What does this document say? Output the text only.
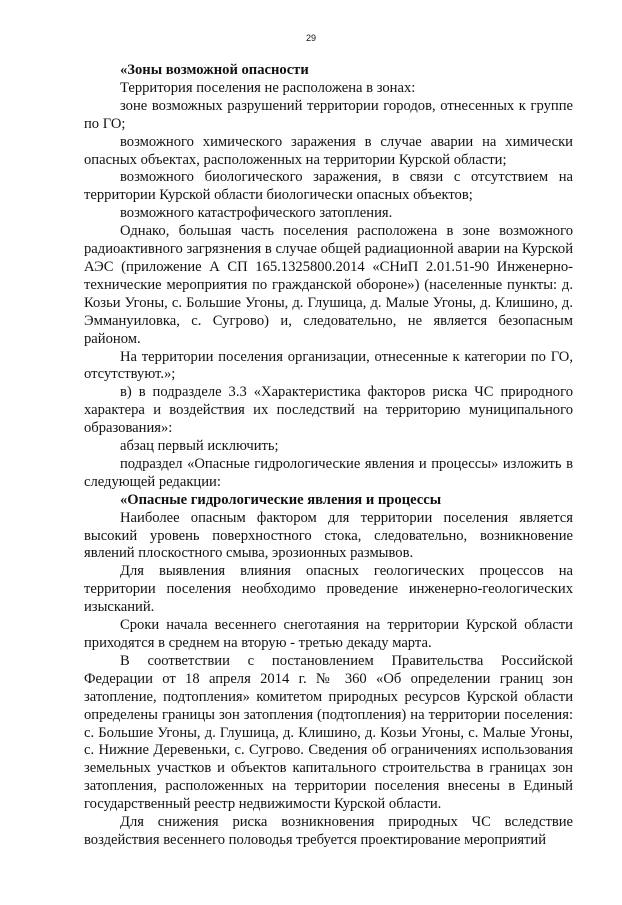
29

«Зоны возможной опасности

Территория поселения не расположена в зонах:

зоне возможных разрушений территории городов, отнесенных к группе по ГО;

возможного химического заражения в случае аварии на химически опасных объектах, расположенных на территории Курской области;

возможного биологического заражения, в связи с отсутствием на территории Курской области биологически опасных объектов;

возможного катастрофического затопления.

Однако, большая часть поселения расположена в зоне возможного радиоактивного загрязнения в случае общей радиационной аварии на Курской АЭС (приложение А СП 165.1325800.2014 «СНиП 2.01.51-90 Инженерно-технические мероприятия по гражданской обороне») (населенные пункты: д. Козьи Угоны, с. Большие Угоны, д. Глушица, д. Малые Угоны, д. Клишино, д. Эммануиловка, с. Сугрово) и, следовательно, не является безопасным районом.

На территории поселения организации, отнесенные к категории по ГО, отсутствуют.»;

в) в подразделе 3.3 «Характеристика факторов риска ЧС природного характера и воздействия их последствий на территорию муниципального образования»:

абзац первый исключить;

подраздел «Опасные гидрологические явления и процессы» изложить в следующей редакции:

«Опасные гидрологические явления и процессы

Наиболее опасным фактором для территории поселения является высокий уровень поверхностного стока, следовательно, возникновение явлений плоскостного смыва, эрозионных размывов.

Для выявления влияния опасных геологических процессов на территории поселения необходимо проведение инженерно-геологических изысканий.

Сроки начала весеннего снеготаяния на территории Курской области приходятся в среднем на вторую - третью декаду марта.

В соответствии с постановлением Правительства Российской Федерации от 18 апреля 2014 г. № 360 «Об определении границ зон затопление, подтопления» комитетом природных ресурсов Курской области определены границы зон затопления (подтопления) на территории поселения: с. Большие Угоны, д. Глушица, д. Клишино, д. Козьи Угоны, с. Малые Угоны, с. Нижние Деревеньки, с. Сугрово. Сведения об ограничениях использования земельных участков и объектов капитального строительства в границах зон затопления, расположенных на территории поселения внесены в Единый государственный реестр недвижимости Курской области.

Для снижения риска возникновения природных ЧС вследствие воздействия весеннего половодья требуется проектирование мероприятий
